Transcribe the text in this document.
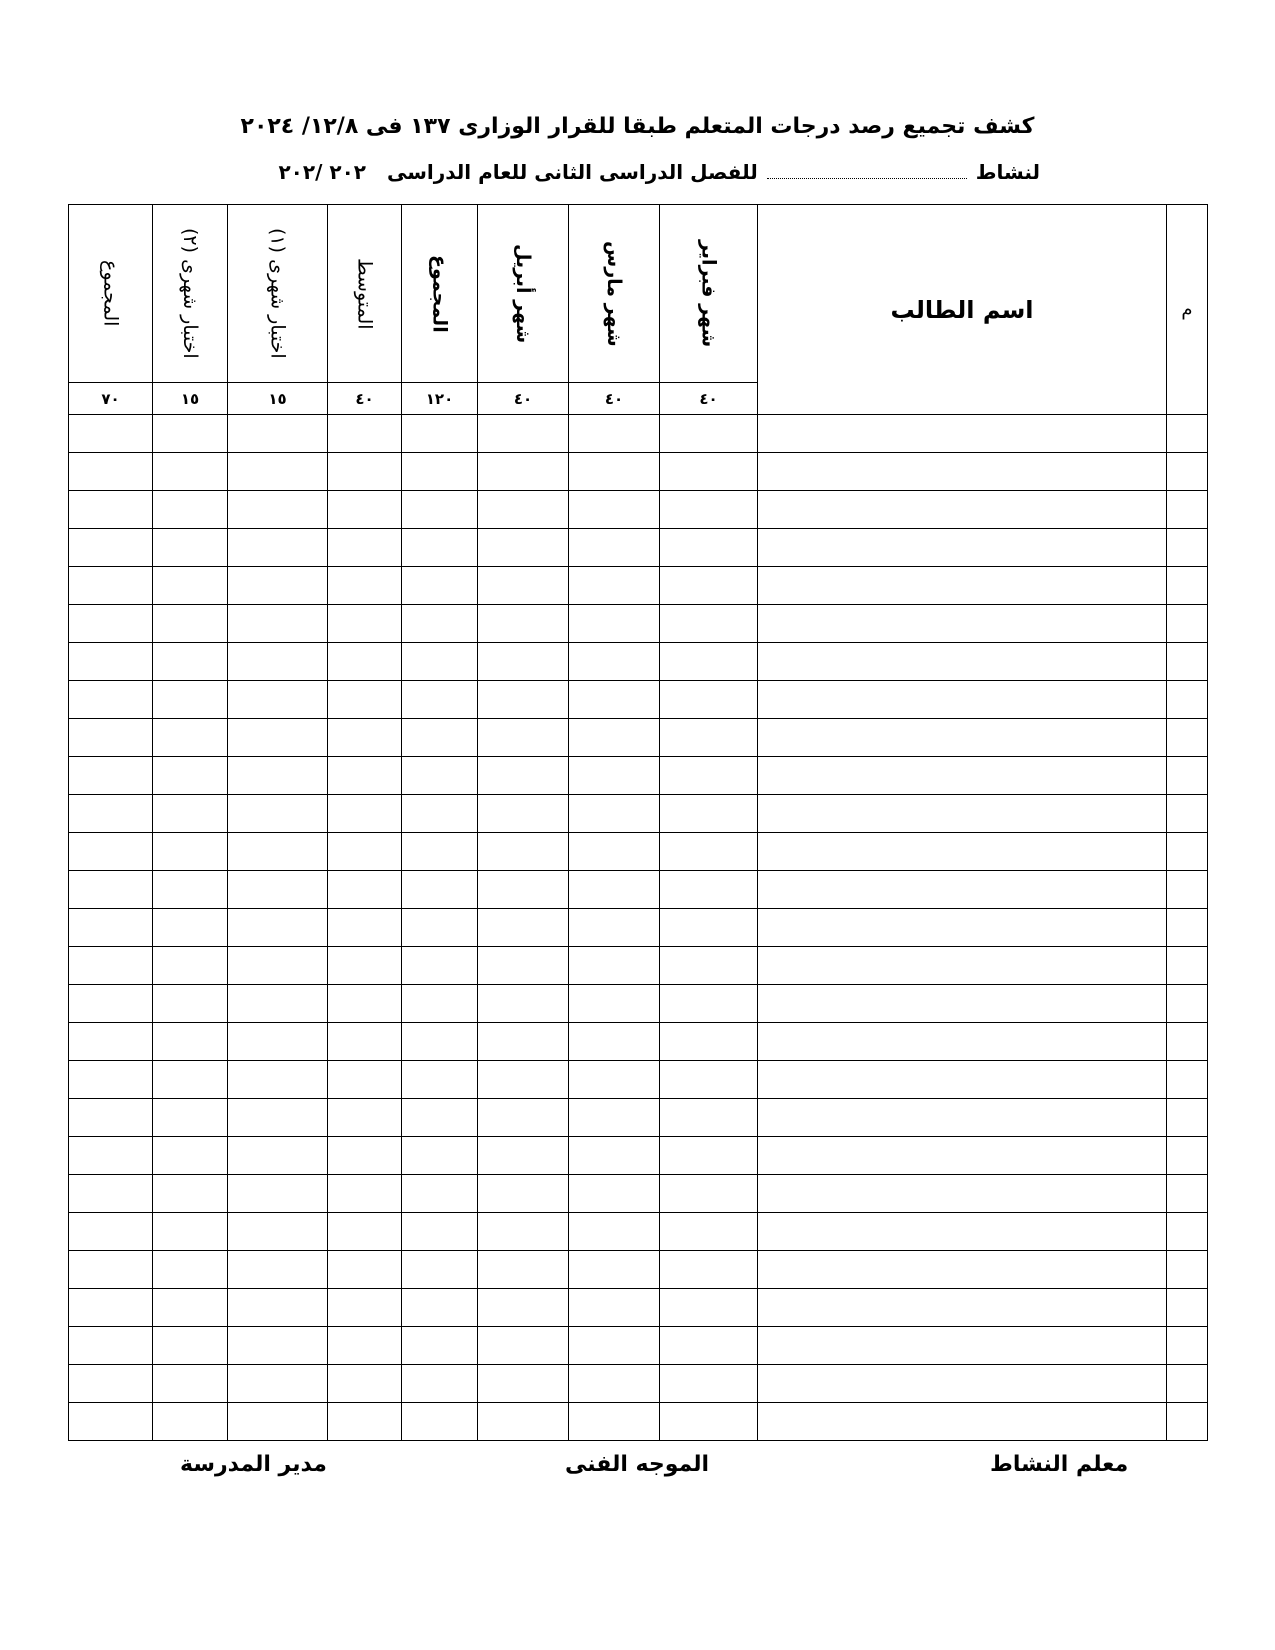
كشف تجميع رصد درجات المتعلم طبقا للقرار الوزارى ١٣٧ فى ١٢/٨/ ٢٠٢٤
لنشاط  للفصل الدراسى الثانى للعام الدراسى ٢٠٢ /٢٠٢
المجموع	اختبار شهرى (٢)	اختبار شهرى (١)	المتوسط	المجموع	شهر أبريل	شهر مارس	شهر فبراير	اسم الطالب	م
٧٠	١٥	١٥	٤٠	١٢٠	٤٠	٤٠	٤٠		

مدير المدرسة	الموجه الفنى	معلم النشاط
